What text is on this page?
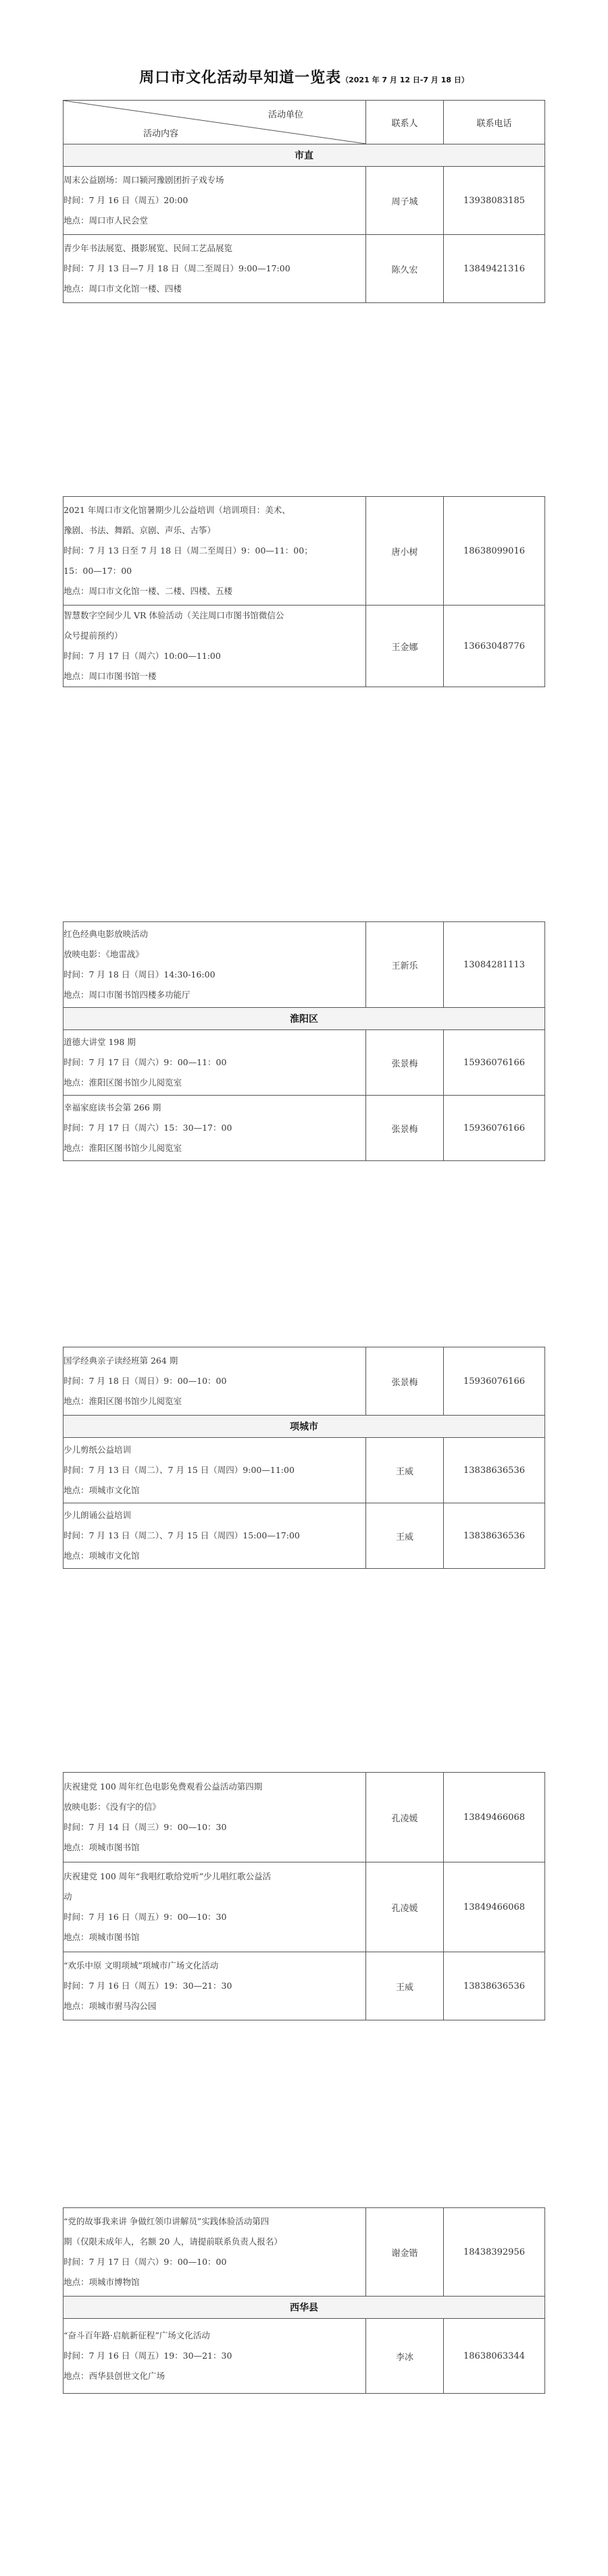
周口市文化活动早知道一览表（2021 年 7 月 12 日-7 月 18 日）
活动单位
活动内容	联系人	联系电话
市直		

周末公益剧场：周口颍河豫剧团折子戏专场
时间：7 月 16 日（周五）20:00
地点：周口市人民会堂	周子城	13938083185

青少年书法展览、摄影展览、民间工艺品展览
时间：7 月 13 日—7 月 18 日（周二至周日）9:00—17:00
地点：周口市文化馆一楼、四楼	陈久宏	13849421316
2021 年周口市文化馆暑期少儿公益培训（培训项目：美术、
豫剧、书法、舞蹈、京剧、声乐、古筝）
时间：7 月 13 日至 7 月 18 日（周二至周日）9：00—11：00；
15：00—17：00
地点：周口市文化馆一楼、二楼、四楼、五楼	唐小树	18638099016

智慧数字空间少儿 VR 体验活动（关注周口市图书馆微信公
众号提前预约）
时间：7 月 17 日（周六）10:00—11:00
地点：周口市图书馆一楼	王金娜	13663048776
红色经典电影放映活动
放映电影：《地雷战》
时间：7 月 18 日（周日）14:30-16:00
地点：周口市图书馆四楼多功能厅	王新乐	13084281113
淮阳区		

道德大讲堂 198 期
时间：7 月 17 日（周六）9：00—11：00
地点：淮阳区图书馆少儿阅览室	张景梅	15936076166

幸福家庭读书会第 266 期
时间：7 月 17 日（周六）15：30—17：00
地点：淮阳区图书馆少儿阅览室	张景梅	15936076166
国学经典亲子读经班第 264 期
时间：7 月 18 日（周日）9：00—10：00
地点：淮阳区图书馆少儿阅览室	张景梅	15936076166
项城市		

少儿剪纸公益培训
时间：7 月 13 日（周二）、7 月 15 日（周四）9:00—11:00
地点：项城市文化馆	王威	13838636536

少儿朗诵公益培训
时间：7 月 13 日（周二）、7 月 15 日（周四）15:00—17:00
地点：项城市文化馆	王威	13838636536
庆祝建党 100 周年红色电影免费观看公益活动第四期
放映电影：《没有字的信》
时间：7 月 14 日（周三）9：00—10：30
地点：项城市图书馆	孔凌媛	13849466068

庆祝建党 100 周年“我唱红歌给党听”少儿唱红歌公益活
动
时间：7 月 16 日（周五）9：00—10：30
地点：项城市图书馆	孔凌媛	13849466068

“欢乐中原 文明项城”项城市广场文化活动
时间：7 月 16 日（周五）19：30—21：30
地点：项城市驸马沟公园	王威	13838636536
“党的故事我来讲 争做红领巾讲解员”实践体验活动第四
期（仅限未成年人，名额 20 人，请提前联系负责人报名）
时间：7 月 17 日（周六）9：00—10：00
地点：项城市博物馆	谢金锴	18438392956
西华县		

“奋斗百年路·启航新征程”广场文化活动
时间：7 月 16 日（周五）19：30—21：30
地点：西华县创世文化广场	李冰	18638063344
